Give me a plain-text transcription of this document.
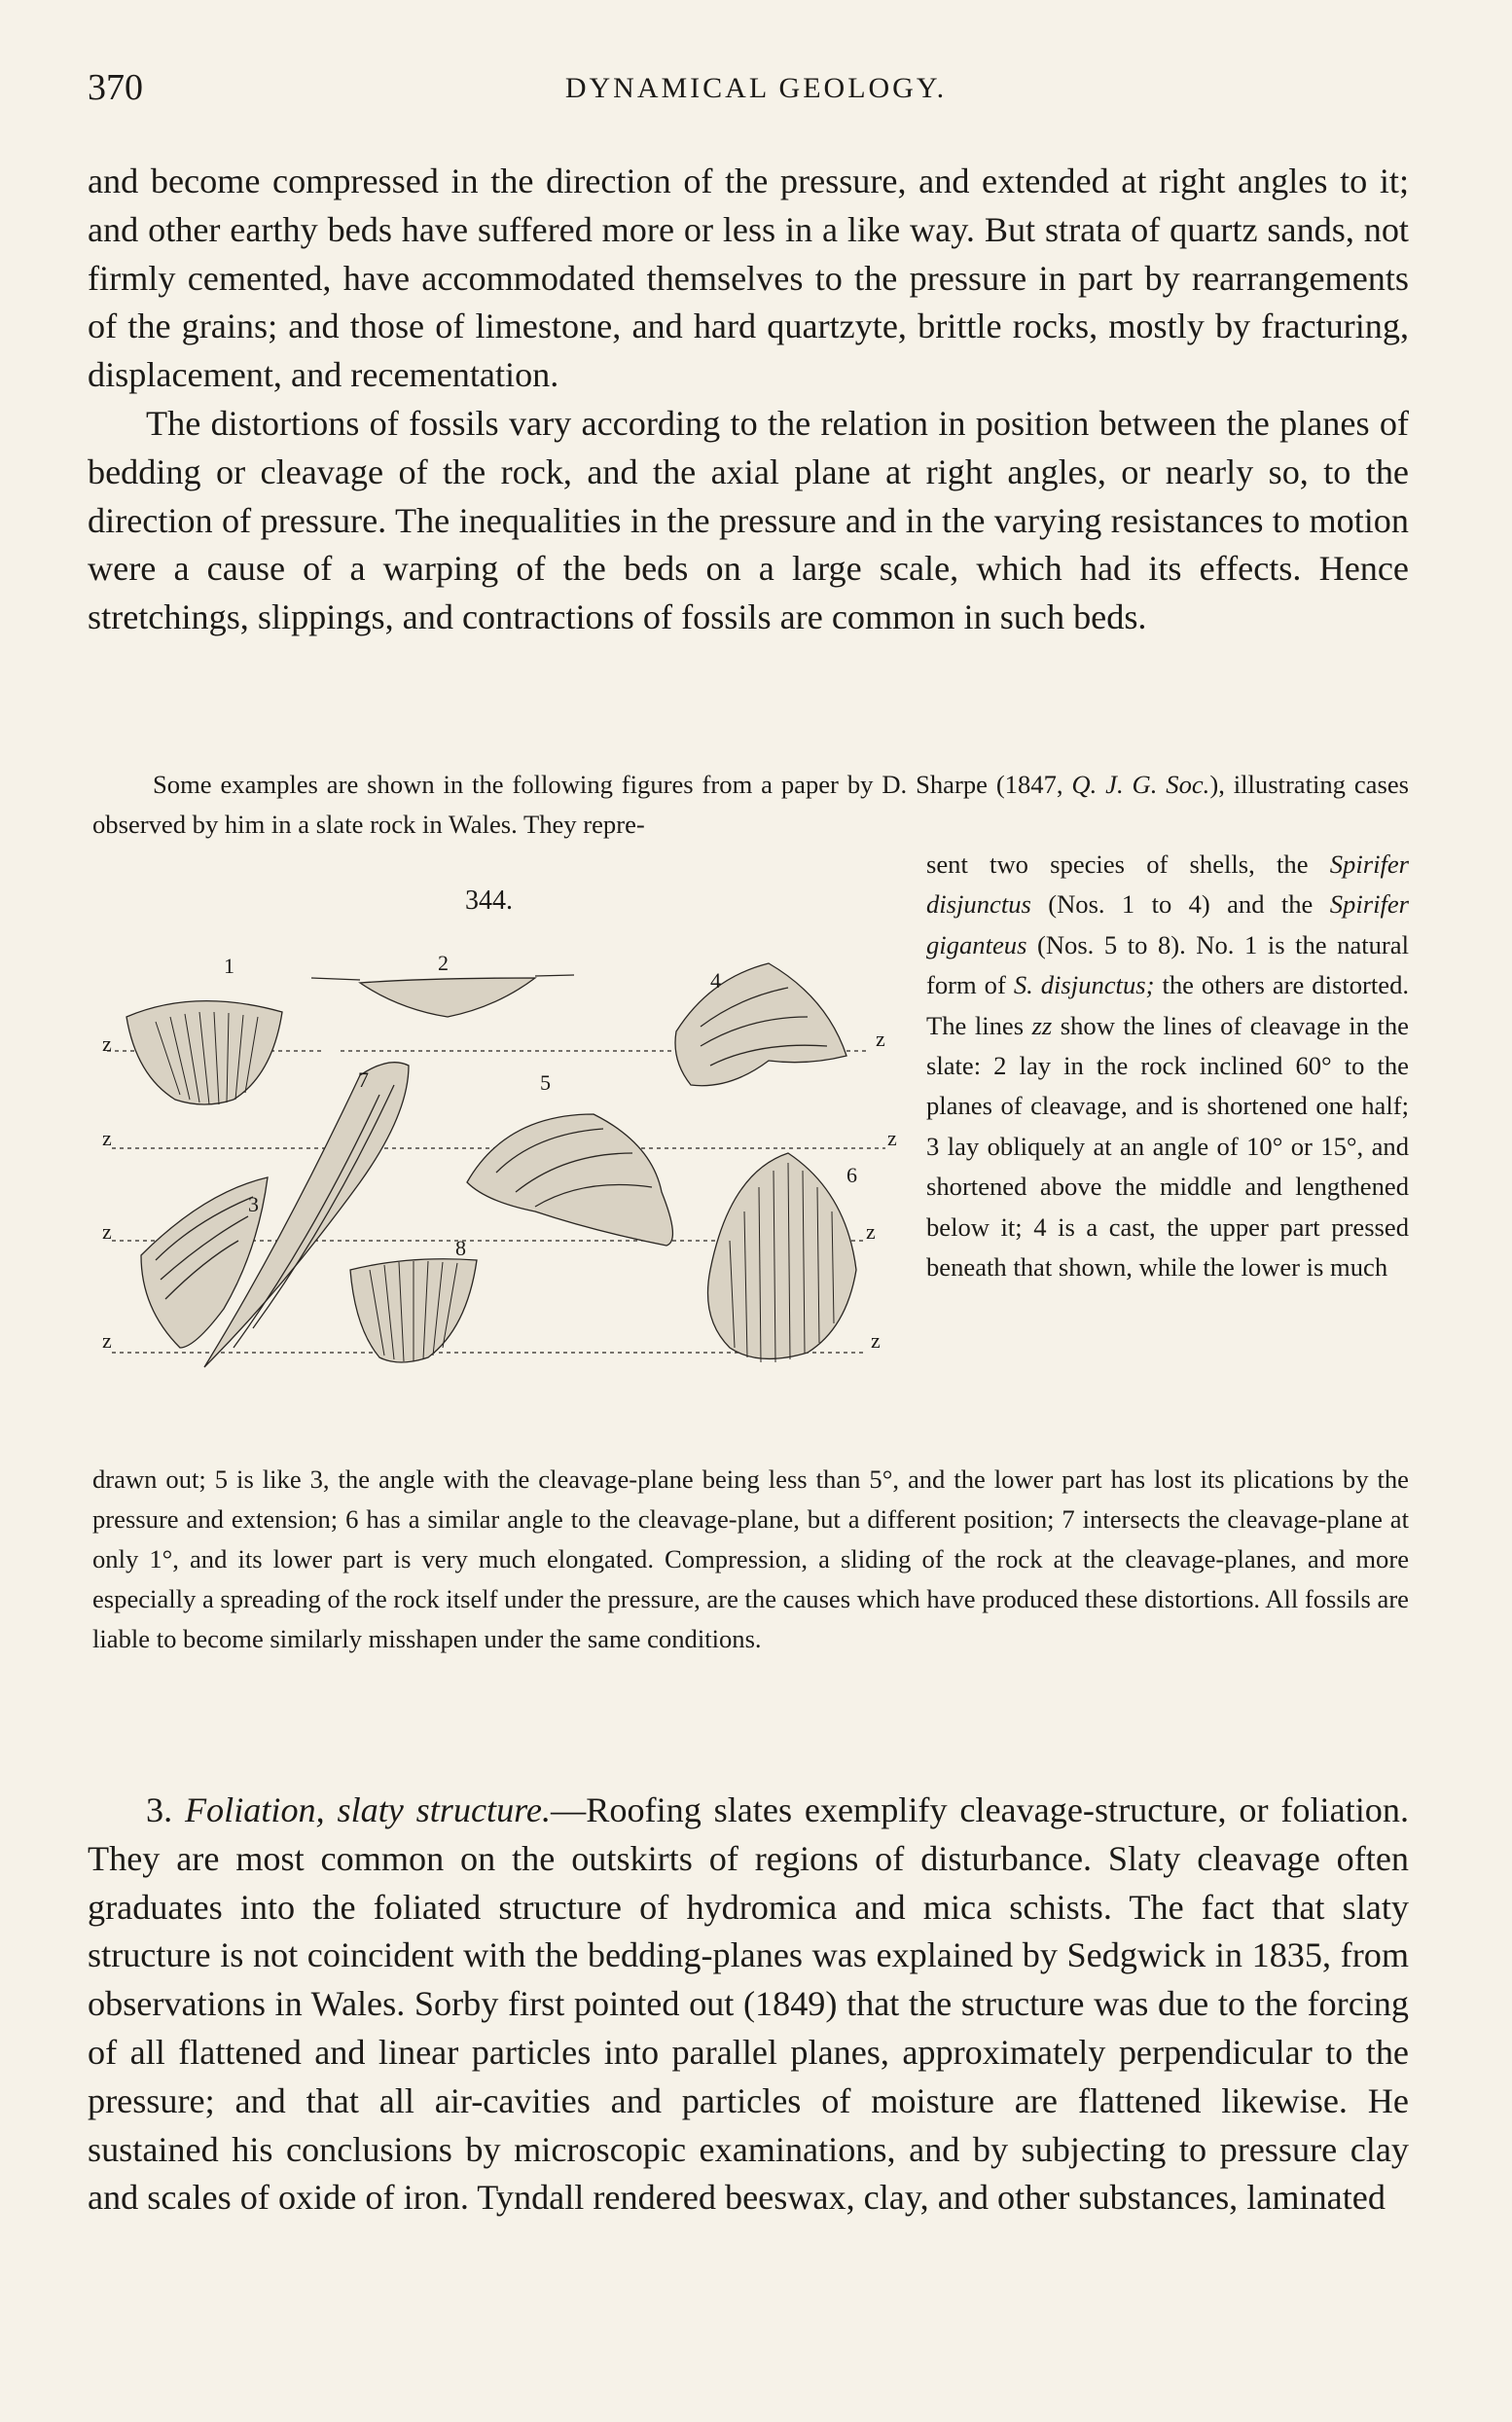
370	DYNAMICAL GEOLOGY.

and become compressed in the direction of the pressure, and extended at right angles to it; and other earthy beds have suffered more or less in a like way. But strata of quartz sands, not firmly cemented, have accommodated themselves to the pressure in part by rearrangements of the grains; and those of limestone, and hard quartzyte, brittle rocks, mostly by fracturing, displacement, and recementation.

The distortions of fossils vary according to the relation in position between the planes of bedding or cleavage of the rock, and the axial plane at right angles, or nearly so, to the direction of pressure. The inequalities in the pressure and in the varying resistances to motion were a cause of a warping of the beds on a large scale, which had its effects. Hence stretchings, slippings, and contractions of fossils are common in such beds.

Some examples are shown in the following figures from a paper by D. Sharpe (1847, Q. J. G. Soc.), illustrating cases observed by him in a slate rock in Wales. They repre-

sent two species of shells, the Spirifer disjunctus (Nos. 1 to 4) and the Spirifer giganteus (Nos. 5 to 8). No. 1 is the natural form of S. disjunctus; the others are distorted. The lines zz show the lines of cleavage in the slate: 2 lay in the rock inclined 60° to the planes of cleavage, and is shortened one half; 3 lay obliquely at an angle of 10° or 15°, and shortened above the middle and lengthened below it; 4 is a cast, the upper part pressed beneath that shown, while the lower is much
344.
1	2
3
4
5
6
7
8
z	z
z	z
z	z
z	z

drawn out; 5 is like 3, the angle with the cleavage-plane being less than 5°, and the lower part has lost its plications by the pressure and extension; 6 has a similar angle to the cleavage-plane, but a different position; 7 intersects the cleavage-plane at only 1°, and its lower part is very much elongated. Compression, a sliding of the rock at the cleavage-planes, and more especially a spreading of the rock itself under the pressure, are the causes which have produced these distortions. All fossils are liable to become similarly misshapen under the same conditions.

3. Foliation, slaty structure.—Roofing slates exemplify cleavage-structure, or foliation. They are most common on the outskirts of regions of disturbance. Slaty cleavage often graduates into the foliated structure of hydromica and mica schists. The fact that slaty structure is not coincident with the bedding-planes was explained by Sedgwick in 1835, from observations in Wales. Sorby first pointed out (1849) that the structure was due to the forcing of all flattened and linear particles into parallel planes, approximately perpendicular to the pressure; and that all air-cavities and particles of moisture are flattened likewise. He sustained his conclusions by microscopic examinations, and by subjecting to pressure clay and scales of oxide of iron. Tyndall rendered beeswax, clay, and other substances, laminated
